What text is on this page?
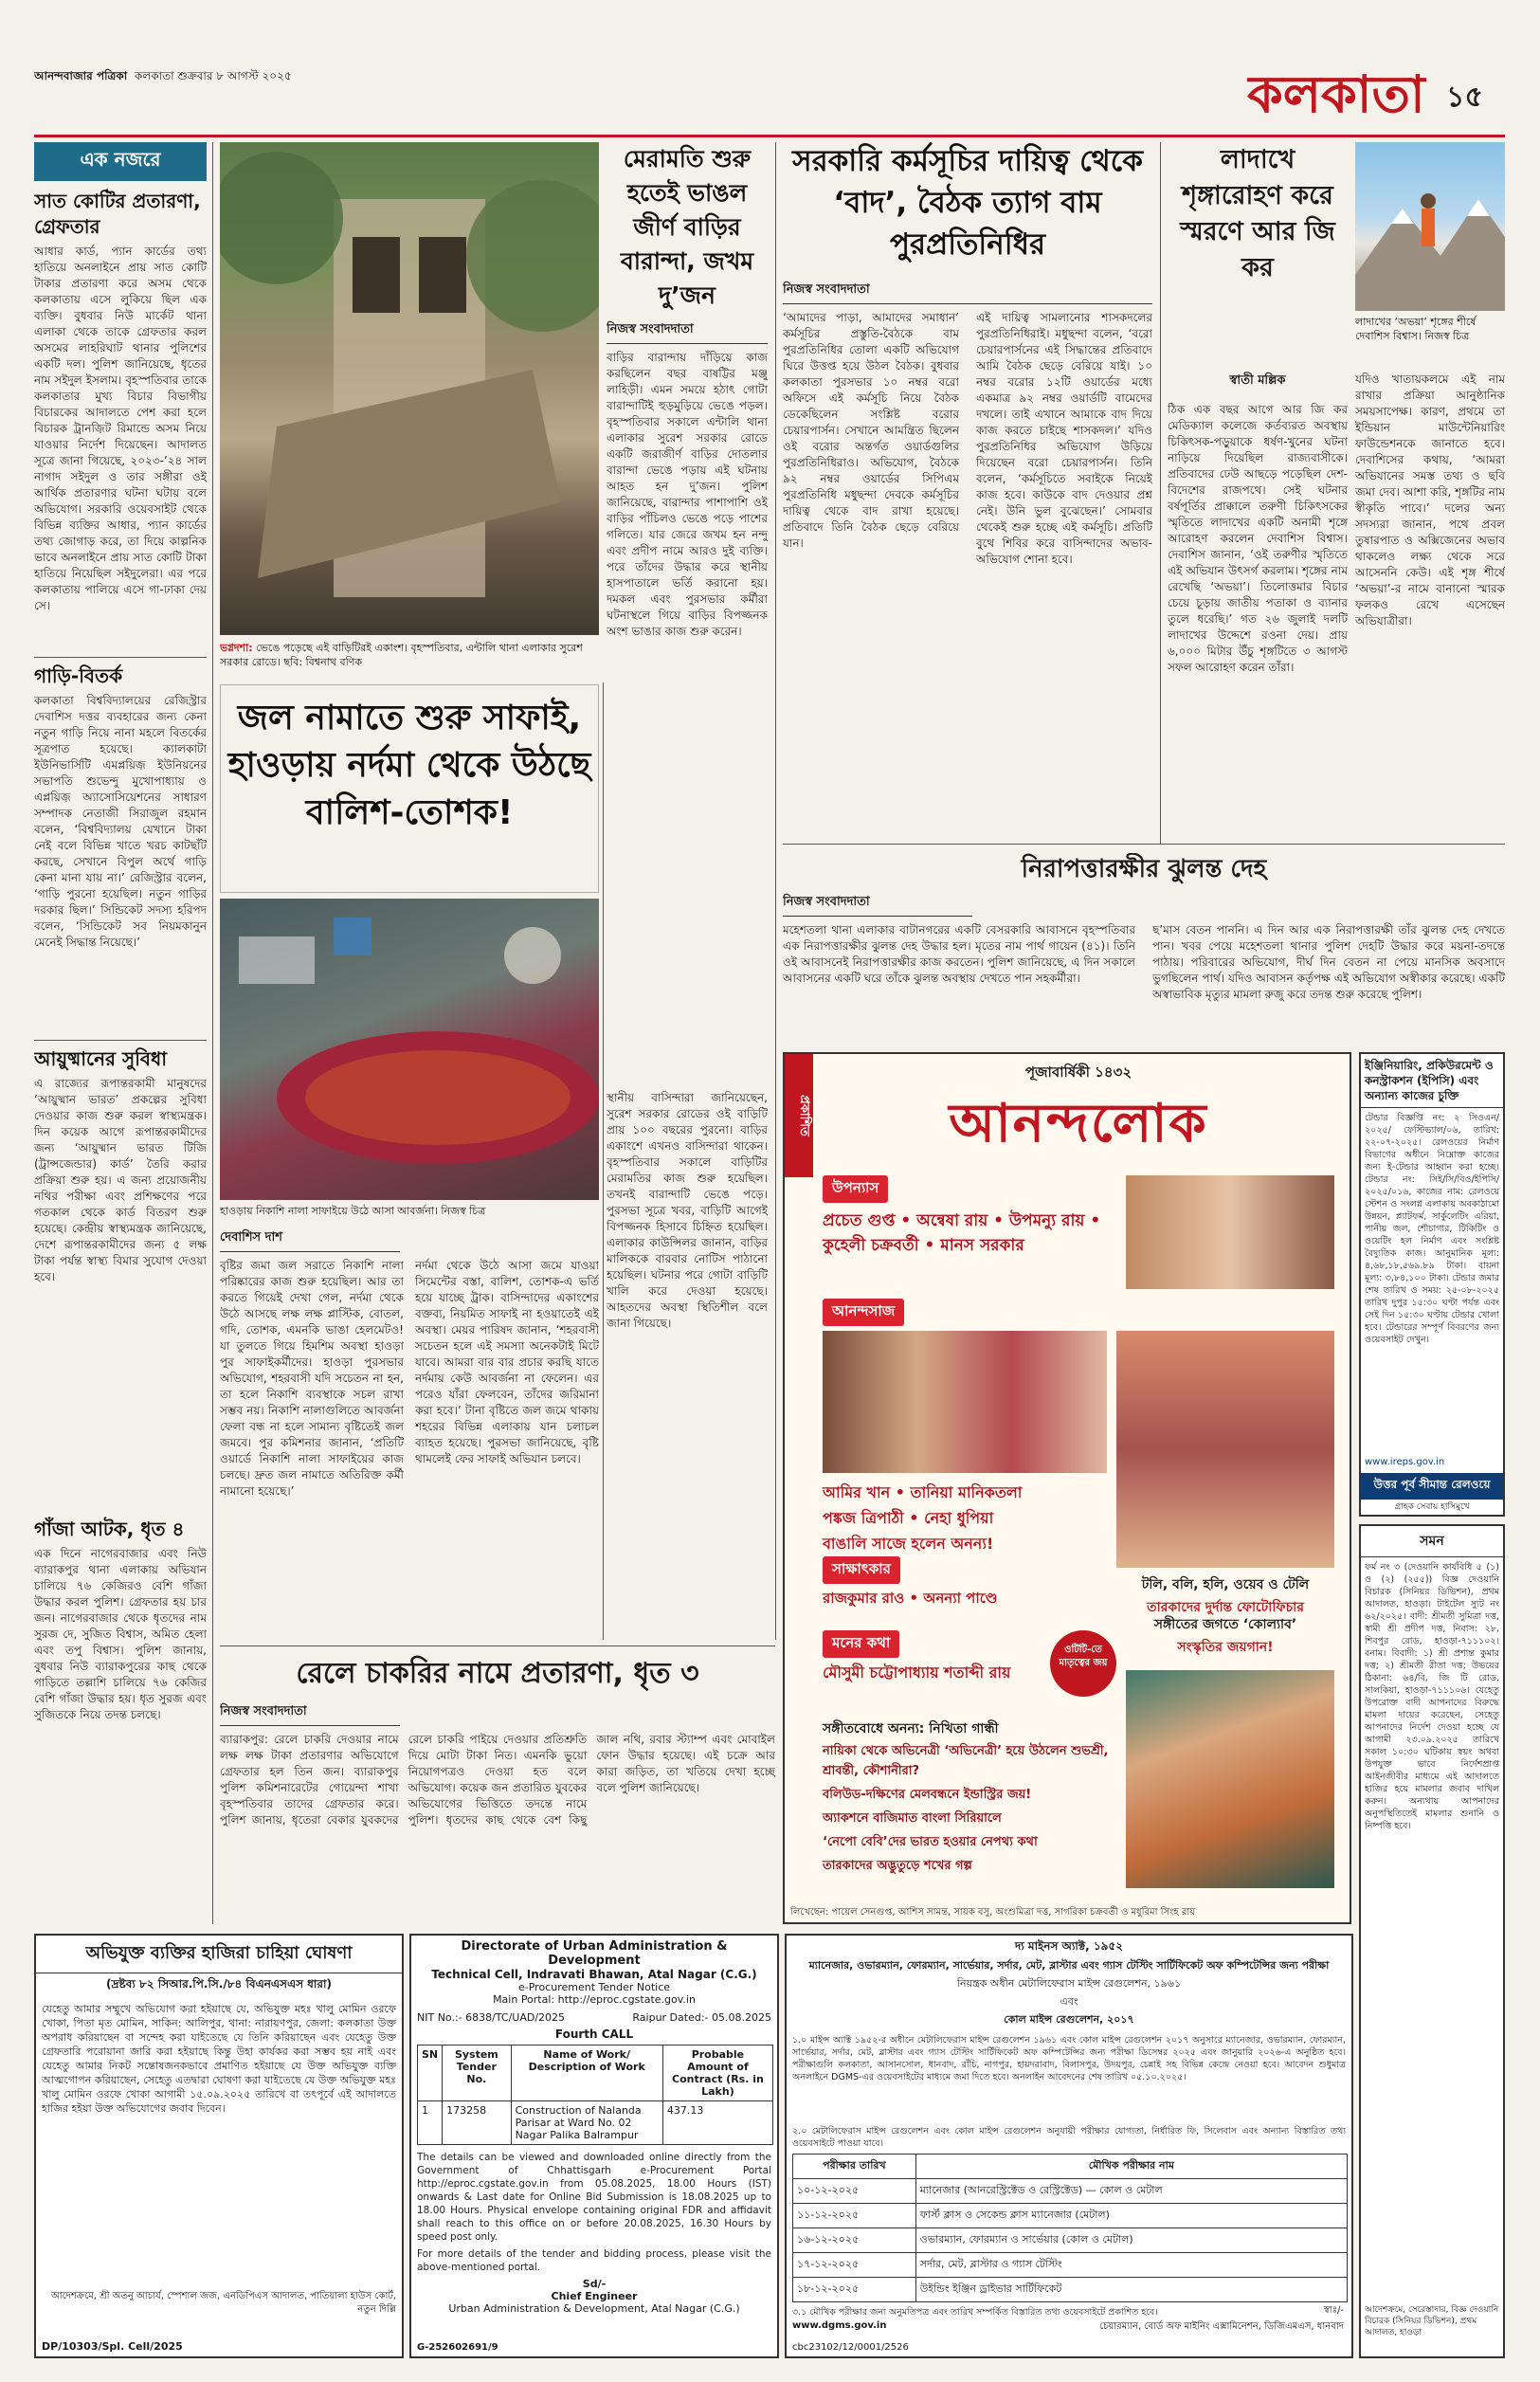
আনন্দবাজার পত্রিকা কলকাতা শুক্রবার ৮ আগস্ট ২০২৫	কলকাতা ১৫
এক নজরে
সাত কোটির প্রতারণা, গ্রেফতার
আধার কার্ড, প্যান কার্ডের তথ্য হাতিয়ে অনলাইনে প্রায় সাত কোটি টাকার প্রতারণা করে অসম থেকে কলকাতায় এসে লুকিয়ে ছিল এক ব্যক্তি। বুধবার নিউ মার্কেট থানা এলাকা থেকে তাকে গ্রেফতার করল অসমের লাহরিঘাট থানার পুলিশের একটি দল। পুলিশ জানিয়েছে, ধৃতের নাম সইদুল ইসলাম। বৃহস্পতিবার তাকে কলকাতার মুখ্য বিচার বিভাগীয় বিচারকের আদালতে পেশ করা হলে বিচারক ট্রানজ়িট রিমান্ডে অসম নিয়ে যাওয়ার নির্দেশ দিয়েছেন। আদালত সূত্রে জানা গিয়েছে, ২০২৩-’২৪ সাল নাগাদ সইদুল ও তার সঙ্গীরা ওই আর্থিক প্রতারণার ঘটনা ঘটায় বলে অভিযোগ। সরকারি ওয়েবসাইট থেকে বিভিন্ন ব্যক্তির আধার, প্যান কার্ডের তথ্য জোগাড় করে, তা দিয়ে কাল্পনিক ভাবে অনলাইনে প্রায় সাত কোটি টাকা হাতিয়ে নিয়েছিল সইদুলেরা। এর পরে কলকাতায় পালিয়ে এসে গা-ঢাকা দেয় সে।
গাড়ি-বিতর্ক
কলকাতা বিশ্ববিদ্যালয়ের রেজিস্ট্রার দেবাশিস দত্তর ব্যবহারের জন্য কেনা নতুন গাড়ি নিয়ে নানা মহলে বিতর্কের সূত্রপাত হয়েছে। ক্যালকাটা ইউনিভার্সিটি এমপ্লয়িজ় ইউনিয়নের সভাপতি শুভেন্দু মুখোপাধ্যায় ও এপ্লয়িজ় অ্যাসোসিয়েশনের সাধারণ সম্পাদক নেতাজী সিরাজুল রহমান বলেন, ‘বিশ্ববিদ্যালয় যেখানে টাকা নেই বলে বিভিন্ন খাতে খরচ কাটছাঁট করছে, সেখানে বিপুল অর্থে গাড়ি কেনা মানা যায় না।’ রেজিস্ট্রার বলেন, ‘গাড়ি পুরনো হয়েছিল। নতুন গাড়ির দরকার ছিল।’ সিন্ডিকেট সদস্য হরিপদ বলেন, ‘সিন্ডিকেট সব নিয়মকানুন মেনেই সিদ্ধান্ত নিয়েছে।’
আয়ুষ্মানের সুবিধা
এ রাজ্যের রূপান্তরকামী মানুষদের ‘আয়ুষ্মান ভারত’ প্রকল্পের সুবিধা দেওয়ার কাজ শুরু করল স্বাস্থ্যমন্ত্রক। দিন কয়েক আগে রূপান্তরকামীদের জন্য ‘আয়ুষ্মান ভারত টিজি (ট্রান্সজেন্ডার) কার্ড’ তৈরি করার প্রক্রিয়া শুরু হয়। এ জন্য প্রয়োজনীয় নথির পরীক্ষা এবং প্রশিক্ষণের পরে গতকাল থেকে কার্ড বিতরণ শুরু হয়েছে। কেন্দ্রীয় স্বাস্থ্যমন্ত্রক জানিয়েছে, দেশে রূপান্তরকামীদের জন্য ৫ লক্ষ টাকা পর্যন্ত স্বাস্থ্য বিমার সুযোগ দেওয়া হবে।
গাঁজা আটক, ধৃত ৪
এক দিনে নাগেরবাজার এবং নিউ ব্যারাকপুর থানা এলাকায় অভিযান চালিয়ে ৭৬ কেজিরও বেশি গাঁজা উদ্ধার করল পুলিশ। গ্রেফতার হয় চার জন। নাগেরবাজার থেকে ধৃতদের নাম সুরজ দে, সুজিত বিশ্বাস, অমিত হেলা এবং তপু বিশ্বাস। পুলিশ জানায়, বুধবার নিউ ব্যারাকপুরের কাছ থেকে গাড়িতে তল্লাশি চালিয়ে ৭৬ কেজির বেশি গাঁজা উদ্ধার হয়। ধৃত সুরজ এবং সুজিতকে নিয়ে তদন্ত চলছে।
ভগ্নদশা: ভেঙে পড়েছে এই বাড়িটিরই একাংশ। বৃহস্পতিবার, এন্টালি থানা এলাকার সুরেশ সরকার রোডে। ছবি: বিশ্বনাথ বণিক
মেরামতি শুরু হতেই ভাঙল জীর্ণ বাড়ির বারান্দা, জখম দু’জন
নিজস্ব সংবাদদাতা
বাড়ির বারান্দায় দাঁড়িয়ে কাজ করছিলেন বছর বাষট্টির মঞ্জু লাহিড়ী। এমন সময়ে হঠাৎ গোটা বারান্দাটিই হুড়মুড়িয়ে ভেঙে পড়ল। বৃহস্পতিবার সকালে এন্টালি থানা এলাকার সুরেশ সরকার রোডে একটি জরাজীর্ণ বাড়ির দোতলার বারান্দা ভেঙে পড়ায় এই ঘটনায় আহত হন দু’জন। পুলিশ জানিয়েছে, বারান্দার পাশাপাশি ওই বাড়ির পাঁচিলও ভেঙে পড়ে পাশের গলিতে। যার জেরে জখম হন নন্দু এবং প্রদীপ নামে আরও দুই ব্যক্তি। পরে তাঁদের উদ্ধার করে স্থানীয় হাসপাতালে ভর্তি করানো হয়। দমকল এবং পুরসভার কর্মীরা ঘটনাস্থলে গিয়ে বাড়ির বিপজ্জনক অংশ ভাঙার কাজ শুরু করেন।
স্থানীয় বাসিন্দারা জানিয়েছেন, সুরেশ সরকার রোডের ওই বাড়িটি প্রায় ১০০ বছরের পুরনো। বাড়ির একাংশে এখনও বাসিন্দারা থাকেন। বৃহস্পতিবার সকালে বাড়িটির মেরামতির কাজ শুরু হয়েছিল। তখনই বারান্দাটি ভেঙে পড়ে। পুরসভা সূত্রে খবর, বাড়িটি আগেই বিপজ্জনক হিসাবে চিহ্নিত হয়েছিল। এলাকার কাউন্সিলর জানান, বাড়ির মালিককে বারবার নোটিস পাঠানো হয়েছিল। ঘটনার পরে গোটা বাড়িটি খালি করে দেওয়া হয়েছে। আহতদের অবস্থা স্থিতিশীল বলে জানা গিয়েছে।
সরকারি কর্মসূচির দায়িত্ব থেকে ‘বাদ’, বৈঠক ত্যাগ বাম পুরপ্রতিনিধির
নিজস্ব সংবাদদাতা
‘আমাদের পাড়া, আমাদের সমাধান’ কর্মসূচির প্রস্তুতি-বৈঠকে বাম পুরপ্রতিনিধির তোলা একটি অভিযোগ ঘিরে উত্তপ্ত হয়ে উঠল বৈঠক। বুধবার কলকাতা পুরসভার ১০ নম্বর বরো অফিসে এই কর্মসূচি নিয়ে বৈঠক ডেকেছিলেন সংশ্লিষ্ট বরোর চেয়ারপার্সন। সেখানে আমন্ত্রিত ছিলেন ওই বরোর অন্তর্গত ওয়ার্ডগুলির পুরপ্রতিনিধিরাও। অভিযোগ, বৈঠকে ৯২ নম্বর ওয়ার্ডের সিপিএম পুরপ্রতিনিধি মধুছন্দা দেবকে কর্মসূচির দায়িত্ব থেকে বাদ রাখা হয়েছে। প্রতিবাদে তিনি বৈঠক ছেড়ে বেরিয়ে যান।
এই দায়িত্ব সামলানোর শাসকদলের পুরপ্রতিনিধিরাই। মধুছন্দা বলেন, ‘বরো চেয়ারপার্সনের এই সিদ্ধান্তের প্রতিবাদে আমি বৈঠক ছেড়ে বেরিয়ে যাই। ১০ নম্বর বরোর ১২টি ওয়ার্ডের মধ্যে একমাত্র ৯২ নম্বর ওয়ার্ডটি বামেদের দখলে। তাই এখানে আমাকে বাদ দিয়ে কাজ করতে চাইছে শাসকদল।’ যদিও পুরপ্রতিনিধির অভিযোগ উড়িয়ে দিয়েছেন বরো চেয়ারপার্সন। তিনি বলেন, ‘কর্মসূচিতে সবাইকে নিয়েই কাজ হবে। কাউকে বাদ দেওয়ার প্রশ্ন নেই। উনি ভুল বুঝেছেন।’ সোমবার থেকেই শুরু হচ্ছে এই কর্মসূচি। প্রতিটি বুথে শিবির করে বাসিন্দাদের অভাব-অভিযোগ শোনা হবে।
লাদাখে শৃঙ্গারোহণ করে স্মরণে আর জি কর
লাদাখের ‘অভয়া’ শৃঙ্গের শীর্ষে দেবাশিস বিশ্বাস। নিজস্ব চিত্র
স্বাতী মল্লিক
ঠিক এক বছর আগে আর জি কর মেডিক্যাল কলেজে কর্তব্যরত অবস্থায় চিকিৎসক-পড়ুয়াকে ধর্ষণ-খুনের ঘটনা নাড়িয়ে দিয়েছিল রাজ্যবাসীকে। প্রতিবাদের ঢেউ আছড়ে পড়েছিল দেশ-বিদেশের রাজপথে। সেই ঘটনার বর্ষপূর্তির প্রাক্কালে তরুণী চিকিৎসকের স্মৃতিতে লাদাখের একটি অনামী শৃঙ্গে আরোহণ করলেন দেবাশিস বিশ্বাস। দেবাশিস জানান, ‘ওই তরুণীর স্মৃতিতে এই অভিযান উৎসর্গ করলাম। শৃঙ্গের নাম রেখেছি ‘অভয়া’। তিলোত্তমার বিচার চেয়ে চূড়ায় জাতীয় পতাকা ও ব্যানার তুলে ধরেছি।’ গত ২৬ জুলাই দলটি লাদাখের উদ্দেশে রওনা দেয়। প্রায় ৬,০০০ মিটার উঁচু শৃঙ্গটিতে ৩ আগস্ট সফল আরোহণ করেন তাঁরা।
যদিও খাতায়কলমে এই নাম রাখার প্রক্রিয়া আনুষ্ঠানিক সময়সাপেক্ষ। কারণ, প্রথমে তা ইন্ডিয়ান মাউন্টেনিয়ারিং ফাউন্ডেশনকে জানাতে হবে। দেবাশিসের কথায়, ‘আমরা অভিযানের সমস্ত তথ্য ও ছবি জমা দেব। আশা করি, শৃঙ্গটির নাম স্বীকৃতি পাবে।’ দলের অন্য সদস্যরা জানান, পথে প্রবল তুষারপাত ও অক্সিজেনের অভাব থাকলেও লক্ষ্য থেকে সরে আসেননি কেউ। এই শৃঙ্গ শীর্ষে ‘অভয়া’-র নামে বানানো স্মারক ফলকও রেখে এসেছেন অভিযাত্রীরা।
নিরাপত্তারক্ষীর ঝুলন্ত দেহ
নিজস্ব সংবাদদাতা
মহেশতলা থানা এলাকার বাটানগরের একটি বেসরকারি আবাসনে বৃহস্পতিবার এক নিরাপত্তারক্ষীর ঝুলন্ত দেহ উদ্ধার হল। মৃতের নাম পার্থ গায়েন (৪১)। তিনি ওই আবাসনেই নিরাপত্তারক্ষীর কাজ করতেন। পুলিশ জানিয়েছে, এ দিন সকালে আবাসনের একটি ঘরে তাঁকে ঝুলন্ত অবস্থায় দেখতে পান সহকর্মীরা।
ছ’মাস বেতন পাননি। এ দিন আর এক নিরাপত্তারক্ষী তাঁর ঝুলন্ত দেহ দেখতে পান। খবর পেয়ে মহেশতলা থানার পুলিশ দেহটি উদ্ধার করে ময়না-তদন্তে পাঠায়। পরিবারের অভিযোগ, দীর্ঘ দিন বেতন না পেয়ে মানসিক অবসাদে ভুগছিলেন পার্থ। যদিও আবাসন কর্তৃপক্ষ এই অভিযোগ অস্বীকার করেছে। একটি অস্বাভাবিক মৃত্যুর মামলা রুজু করে তদন্ত শুরু করেছে পুলিশ।
জল নামাতে শুরু সাফাই, হাওড়ায় নর্দমা থেকে উঠছে বালিশ-তোশক!
হাওড়ায় নিকাশি নালা সাফাইয়ে উঠে আসা আবর্জনা। নিজস্ব চিত্র
দেবাশিস দাশ
বৃষ্টির জমা জল সরাতে নিকাশি নালা পরিষ্কারের কাজ শুরু হয়েছিল। আর তা করতে গিয়েই দেখা গেল, নর্দমা থেকে উঠে আসছে লক্ষ লক্ষ প্লাস্টিক, বোতল, গদি, তোশক, এমনকি ভাঙা হেলমেটও! যা তুলতে গিয়ে হিমশিম অবস্থা হাওড়া পুর সাফাইকর্মীদের। হাওড়া পুরসভার অভিযোগ, শহরবাসী যদি সচেতন না হন, তা হলে নিকাশি ব্যবস্থাকে সচল রাখা সম্ভব নয়। নিকাশি নালাগুলিতে আবর্জনা ফেলা বন্ধ না হলে সামান্য বৃষ্টিতেই জল জমবে। পুর কমিশনার জানান, ‘প্রতিটি ওয়ার্ডে নিকাশি নালা সাফাইয়ের কাজ চলছে। দ্রুত জল নামাতে অতিরিক্ত কর্মী নামানো হয়েছে।’
নর্দমা থেকে উঠে আসা জমে যাওয়া সিমেন্টের বস্তা, বালিশ, তোশক-এ ভর্তি হয়ে যাচ্ছে ট্রাক। বাসিন্দাদের একাংশের বক্তব্য, নিয়মিত সাফাই না হওয়াতেই এই অবস্থা। মেয়র পারিষদ জানান, ‘শহরবাসী সচেতন হলে এই সমস্যা অনেকটাই মিটে যাবে। আমরা বার বার প্রচার করছি যাতে নর্দমায় কেউ আবর্জনা না ফেলেন। এর পরেও যাঁরা ফেলবেন, তাঁদের জরিমানা করা হবে।’ টানা বৃষ্টিতে জল জমে থাকায় শহরের বিভিন্ন এলাকায় যান চলাচল ব্যাহত হয়েছে। পুরসভা জানিয়েছে, বৃষ্টি থামলেই ফের সাফাই অভিযান চলবে।
প্রকাশিত
পূজাবার্ষিকী ১৪৩২
আনন্দলোক
উপন্যাস
প্রচেত গুপ্ত • অন্বেষা রায় • উপমন্যু রায় • কুহেলী চক্রবর্তী • মানস সরকার
আনন্দসাজ
আমির খান • তানিয়া মানিকতলা
পঙ্কজ ত্রিপাঠী • নেহা ধুপিয়া
বাঙালি সাজে হলেন অনন্য!
টলি, বলি, হলি, ওয়েব ও টেলি
তারকাদের দুর্দান্ত ফোটোফিচার
সাক্ষাৎকার
রাজকুমার রাও • অনন্যা পাণ্ডে
সঙ্গীতের জগতে ‘কোল্যাব’
সংস্কৃতির জয়গান!
মনের কথা
মৌসুমী চট্টোপাধ্যায় শতাব্দী রায়
ওটিটি-তে মাতৃত্বের জয়
সঙ্গীতবোধে অনন্য: নিখিতা গান্ধী
নায়িকা থেকে অভিনেত্রী ‘অভিনেত্রী’ হয়ে উঠলেন শুভশ্রী, শ্রাবন্তী, কৌশানীরা?
বলিউড-দক্ষিণের মেলবন্ধনে ইন্ডাস্ট্রির জয়!
অ্যাকশনে বাজিমাত বাংলা সিরিয়ালে
‘নেপো বেবি’দের ভারত হওয়ার নেপথ্য কথা
তারকাদের অদ্ভুতুড়ে শখের গল্প
লিখেছেন: পায়েল সেনগুপ্ত, আশিস সামন্ত, সায়ক বসু, অংশুমিত্রা দত্ত, সাগরিকা চক্রবর্তী ও মধুরিমা সিংহ রায়
ইঞ্জিনিয়ারিং, প্রকিউরমেন্ট ও কনস্ট্রাকশন (ইপিসি) এবং অন্যান্য কাজের চুক্তি
টেন্ডার বিজ্ঞপ্তি নং: ২ সিওএন/২০২৫/ ফেস্টিভ্যাল/০৬, তারিখ: ২২-০৭-২০২৫। রেলওয়ের নির্মাণ বিভাগের অধীনে নিম্নোক্ত কাজের জন্য ই-টেন্ডার আহ্বান করা হচ্ছে। টেন্ডার নং: সিই/সি/বিও/ইপিসি/২০২৫/০১৬, কাজের নাম: রেলওয়ে স্টেশন ও সংলগ্ন এলাকায় অবকাঠামো উন্নয়ন, প্ল্যাটফর্ম, সার্কুলেটিং এরিয়া, পানীয় জল, শৌচাগার, টিকিটিং ও ওয়েটিং হল নির্মাণ এবং সংশ্লিষ্ট বৈদ্যুতিক কাজ। আনুমানিক মূল্য: ৪,৬৮,১৮,৫৬৯.৮৯ টাকা। বায়না মূল্য: ৩,৮৪,১০০ টাকা। টেন্ডার জমার শেষ তারিখ ও সময়: ২৫-০৮-২০২৫ তারিখ দুপুর ১৫:৩০ ঘণ্টা পর্যন্ত এবং সেই দিন ১৫:৩০ ঘণ্টায় টেন্ডার খোলা হবে। টেন্ডারের সম্পূর্ণ বিবরণের জন্য ওয়েবসাইট দেখুন।
www.ireps.gov.in
উত্তর পূর্ব সীমান্ত রেলওয়ে
গ্রাহক সেবায় হাসিমুখে
সমন
ফর্ম নং ৩ (দেওয়ানি কার্যবিধি ৫ (১) ও (২) (২৫৫)) বিজ্ঞ দেওয়ানি বিচারক (সিনিয়র ডিভিশন), প্রথম আদালত, হাওড়া। টাইটেল স্যুট নং ৬২/২০২৫। বাদী: শ্রীমতী সুমিত্রা দত্ত, স্বামী শ্রী প্রদীপ দত্ত, নিবাস: ২৮, শিবপুর রোড, হাওড়া-৭১১১০২। বনাম। বিবাদী: ১) শ্রী প্রশান্ত কুমার দত্ত; ২) শ্রীমতী রীতা দত্ত; উভয়ের ঠিকানা: ৬৪/বি, জি টি রোড, সালকিয়া, হাওড়া-৭১১১০৬। যেহেতু উপরোক্ত বাদী আপনাদের বিরুদ্ধে মামলা দায়ের করেছেন, সেহেতু আপনাদের নির্দেশ দেওয়া হচ্ছে যে আগামী ২৩.০৯.২০২৫ তারিখে সকাল ১০:৩০ ঘটিকায় স্বয়ং অথবা উপযুক্ত ভাবে নির্দেশপ্রাপ্ত আইনজীবীর মাধ্যমে এই আদালতে হাজির হয়ে মামলার জবাব দাখিল করুন। অন্যথায় আপনাদের অনুপস্থিতিতেই মামলার শুনানি ও নিষ্পত্তি হবে।
আদেশক্রমে, সেরেস্তাদার, বিজ্ঞ দেওয়ানি বিচারক (সিনিয়র ডিভিশন), প্রথম আদালত, হাওড়া
রেলে চাকরির নামে প্রতারণা, ধৃত ৩
নিজস্ব সংবাদদাতা
ব্যারাকপুর: রেলে চাকরি দেওয়ার নামে লক্ষ লক্ষ টাকা প্রতারণার অভিযোগে গ্রেফতার হল তিন জন। ব্যারাকপুর পুলিশ কমিশনারেটের গোয়েন্দা শাখা বৃহস্পতিবার তাদের গ্রেফতার করে। পুলিশ জানায়, ধৃতেরা বেকার যুবকদের রেলে চাকরি পাইয়ে দেওয়ার প্রতিশ্রুতি দিয়ে মোটা টাকা নিত। এমনকি ভুয়ো নিয়োগপত্রও দেওয়া হত বলে অভিযোগ। কয়েক জন প্রতারিত যুবকের অভিযোগের ভিত্তিতে তদন্তে নামে পুলিশ। ধৃতদের কাছ থেকে বেশ কিছু জাল নথি, রবার স্ট্যাম্প এবং মোবাইল ফোন উদ্ধার হয়েছে। এই চক্রে আর কারা জড়িত, তা খতিয়ে দেখা হচ্ছে বলে পুলিশ জানিয়েছে।
অভিযুক্ত ব্যক্তির হাজিরা চাহিয়া ঘোষণা
(দ্রষ্টব্য ৮২ সিআর.পি.সি./৮৪ বিএনএসএস ধারা)
যেহেতু আমার সম্মুখে অভিযোগ করা হইয়াছে যে, অভিযুক্ত মহঃ খালু মোমিন ওরফে খোকা, পিতা মৃত মোমিন, সাকিন: আলিপুর, থানা: নারায়ণপুর, জেলা: কলকাতা উক্ত অপরাধ করিয়াছেন বা সন্দেহ করা যাইতেছে যে তিনি করিয়াছেন এবং যেহেতু উক্ত গ্রেফতারি পরোয়ানা জারি করা হইয়াছে কিন্তু উহা কার্যকর করা সম্ভব হয় নাই এবং যেহেতু আমার নিকট সন্তোষজনকভাবে প্রমাণিত হইয়াছে যে উক্ত অভিযুক্ত ব্যক্তি আত্মগোপন করিয়াছেন, সেহেতু এতদ্বারা ঘোষণা করা যাইতেছে যে উক্ত অভিযুক্ত মহঃ খালু মোমিন ওরফে খোকা আগামী ১৫.০৯.২০২৫ তারিখে বা তৎপূর্বে এই আদালতে হাজির হইয়া উক্ত অভিযোগের জবাব দিবেন।
আদেশক্রমে, শ্রী অতনু আচার্য, স্পেশাল জজ, এনডিপিএস আদালত, পাতিয়ালা হাউস কোর্ট, নতুন দিল্লি
DP/10303/Spl. Cell/2025
Directorate of Urban Administration & Development
Technical Cell, Indravati Bhawan, Atal Nagar (C.G.)
e-Procurement Tender Notice
Main Portal: http://eproc.cgstate.gov.in
NIT No.:- 6838/TC/UAD/2025	Raipur Dated:- 05.08.2025
Fourth CALL
SN	System Tender No.	Name of Work/ Description of Work	Probable Amount of Contract (Rs. in Lakh)
1	173258	Construction of Nalanda Parisar at Ward No. 02 Nagar Palika Balrampur	437.13
The details can be viewed and downloaded online directly from the Government of Chhattisgarh e-Procurement Portal http://eproc.cgstate.gov.in from 05.08.2025, 18.00 Hours (IST) onwards & Last date for Online Bid Submission is 18.08.2025 up to 18.00 Hours. Physical envelope containing original FDR and affidavit shall reach to this office on or before 20.08.2025, 16.30 Hours by speed post only.
For more details of the tender and bidding process, please visit the above-mentioned portal.
Sd/-
Chief Engineer
Urban Administration & Development, Atal Nagar (C.G.)
G-252602691/9
দ্য মাইনস অ্যাক্ট, ১৯৫২
ম্যানেজার, ওভারম্যান, ফোরম্যান, সার্ভেয়ার, সর্দার, মেট, ব্লাস্টার এবং গ্যাস টেস্টিং সার্টিফিকেট অফ কম্পিটেন্সির জন্য পরীক্ষা
নিয়ন্ত্রক অধীন মেটালিফেরাস মাইন্স রেগুলেশন, ১৯৬১
এবং
কোল মাইন্স রেগুলেশন, ২০১৭
১.০ মাইন্স অ্যাক্ট ১৯৫২-র অধীনে মেটালিফেরাস মাইন্স রেগুলেশন ১৯৬১ এবং কোল মাইন্স রেগুলেশন ২০১৭ অনুসারে ম্যানেজার, ওভারম্যান, ফোরম্যান, সার্ভেয়ার, সর্দার, মেট, ব্লাস্টার এবং গ্যাস টেস্টিং সার্টিফিকেট অফ কম্পিটেন্সির জন্য পরীক্ষা ডিসেম্বর ২০২৫ এবং জানুয়ারি ২০২৬-এ অনুষ্ঠিত হবে। পরীক্ষাগুলি কলকাতা, আসানসোল, ধানবাদ, রাঁচি, নাগপুর, হায়দরাবাদ, বিলাসপুর, উদয়পুর, চেন্নাই সহ বিভিন্ন কেন্দ্রে নেওয়া হবে। আবেদন শুধুমাত্র অনলাইনে DGMS-এর ওয়েবসাইটের মাধ্যমে জমা দিতে হবে। অনলাইন আবেদনের শেষ তারিখ ০৫.১০.২০২৫।
২.০ মেটালিফেরাস মাইন্স রেগুলেশন এবং কোল মাইন্স রেগুলেশন অনুযায়ী পরীক্ষার যোগ্যতা, নির্ধারিত ফি, সিলেবাস এবং অন্যান্য বিস্তারিত তথ্য ওয়েবসাইটে পাওয়া যাবে।
পরীক্ষার তারিখ	মৌখিক পরীক্ষার নাম
১০-১২-২০২৫	ম্যানেজার (আনরেস্ট্রিক্টেড ও রেস্ট্রিক্টেড) — কোল ও মেটাল
১১-১২-২০২৫	ফার্স্ট ক্লাস ও সেকেন্ড ক্লাস ম্যানেজার (মেটাল)
১৬-১২-২০২৫	ওভারম্যান, ফোরম্যান ও সার্ভেয়ার (কোল ও মেটাল)
১৭-১২-২০২৫	সর্দার, মেট, ব্লাস্টার ও গ্যাস টেস্টিং
১৮-১২-২০২৫	উইন্ডিং ইঞ্জিন ড্রাইভার সার্টিফিকেট
৩.১ মৌখিক পরীক্ষার জন্য অনুমতিপত্র এবং তারিখ সম্পর্কিত বিস্তারিত তথ্য ওয়েবসাইটে প্রকাশিত হবে।
www.dgms.gov.in
স্বাঃ/-
চেয়ারম্যান, বোর্ড অফ মাইনিং এক্সামিনেশন, ডিজিএমএস, ধানবাদ
cbc23102/12/0001/2526
